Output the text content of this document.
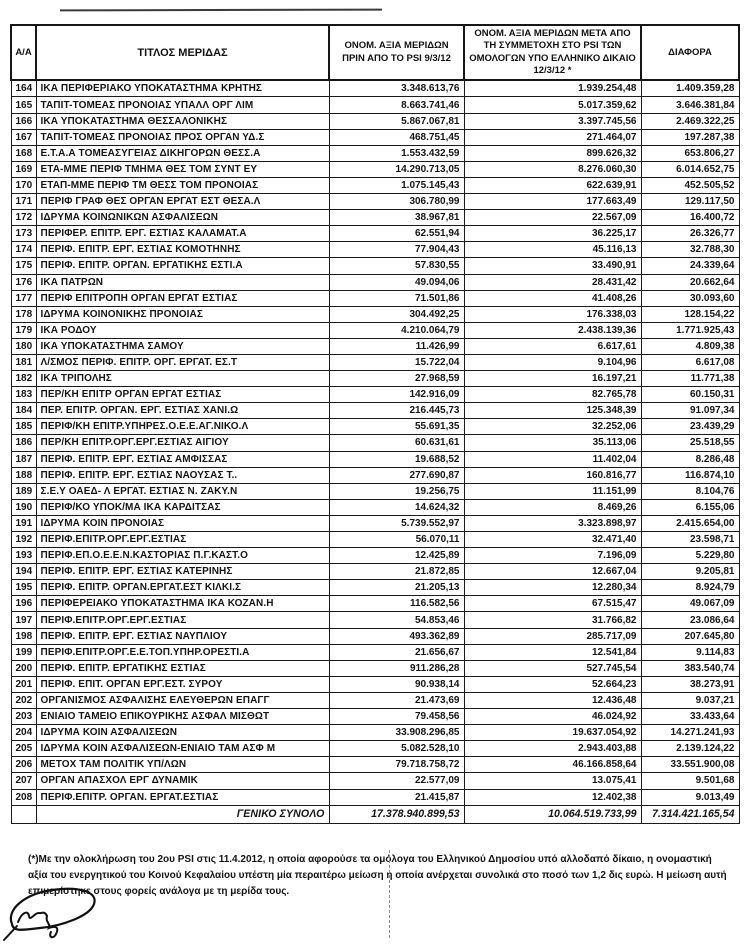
Α/Α	ΤΙΤΛΟΣ ΜΕΡΙΔΑΣ	ΟΝΟΜ. ΑΞΙΑ ΜΕΡΙΔΩΝ ΠΡΙΝ ΑΠΟ ΤΟ PSI 9/3/12	ΟΝΟΜ. ΑΞΙΑ ΜΕΡΙΔΩΝ ΜΕΤΑ ΑΠΟ ΤΗ ΣΥΜΜΕΤΟΧΗ ΣΤΟ PSI ΤΩΝ ΟΜΟΛΟΓΩΝ ΥΠΟ ΕΛΛΗΝΙΚΟ ΔΙΚΑΙΟ 12/3/12 *	ΔΙΑΦΟΡΑ
164	ΙΚΑ ΠΕΡΙΦΕΡΙΑΚΟ ΥΠΟΚΑΤΑΣΤΗΜΑ ΚΡΗΤΗΣ	3.348.613,76	1.939.254,48	1.409.359,28
165	ΤΑΠΙΤ-ΤΟΜΕΑΣ ΠΡΟΝΟΙΑΣ ΥΠΑΛΛ ΟΡΓ ΛΙΜ	8.663.741,46	5.017.359,62	3.646.381,84
166	ΙΚΑ ΥΠΟΚΑΤΑΣΤΗΜΑ ΘΕΣΣΑΛΟΝΙΚΗΣ	5.867.067,81	3.397.745,56	2.469.322,25
167	ΤΑΠΙΤ-ΤΟΜΕΑΣ ΠΡΟΝΟΙΑΣ ΠΡΟΣ ΟΡΓΑΝ ΥΔ.Σ	468.751,45	271.464,07	197.287,38
168	Ε.Τ.Α.Α ΤΟΜΕΑΣΥΓΕΙΑΣ ΔΙΚΗΓΟΡΩΝ ΘΕΣΣ.Α	1.553.432,59	899.626,32	653.806,27
169	ΕΤΑ-ΜΜΕ ΠΕΡΙΦ ΤΜΗΜΑ ΘΕΣ ΤΟΜ ΣΥΝΤ ΕΥ	14.290.713,05	8.276.060,30	6.014.652,75
170	ΕΤΑΠ-ΜΜΕ ΠΕΡΙΦ ΤΜ ΘΕΣΣ ΤΟΜ ΠΡΟΝΟΙΑΣ	1.075.145,43	622.639,91	452.505,52
171	ΠΕΡΙΦ ΓΡΑΦ ΘΕΣ ΟΡΓΑΝ ΕΡΓΑΤ ΕΣΤ ΘΕΣΑ.Λ	306.780,99	177.663,49	129.117,50
172	ΙΔΡΥΜΑ ΚΟΙΝΩΝΙΚΩΝ ΑΣΦΑΛΙΣΕΩΝ	38.967,81	22.567,09	16.400,72
173	ΠΕΡΙΦΕΡ. ΕΠΙΤΡ. ΕΡΓ. ΕΣΤΙΑΣ ΚΑΛΑΜΑΤ.Α	62.551,94	36.225,17	26.326,77
174	ΠΕΡΙΦ. ΕΠΙΤΡ. ΕΡΓ. ΕΣΤΙΑΣ ΚΟΜΟΤΗΝΗΣ	77.904,43	45.116,13	32.788,30
175	ΠΕΡΙΦ. ΕΠΙΤΡ. ΟΡΓΑΝ. ΕΡΓΑΤΙΚΗΣ ΕΣΤΙ.Α	57.830,55	33.490,91	24.339,64
176	ΙΚΑ ΠΑΤΡΩΝ	49.094,06	28.431,42	20.662,64
177	ΠΕΡΙΦ ΕΠΙΤΡΟΠΗ ΟΡΓΑΝ ΕΡΓΑΤ ΕΣΤΙΑΣ	71.501,86	41.408,26	30.093,60
178	ΙΔΡΥΜΑ ΚΟΙΝΟΝΙΚΗΣ ΠΡΟΝΟΙΑΣ	304.492,25	176.338,03	128.154,22
179	ΙΚΑ ΡΟΔΟΥ	4.210.064,79	2.438.139,36	1.771.925,43
180	ΙΚΑ ΥΠΟΚΑΤΑΣΤΗΜΑ ΣΑΜΟΥ	11.426,99	6.617,61	4.809,38
181	Λ/ΣΜΟΣ ΠΕΡΙΦ. ΕΠΙΤΡ. ΟΡΓ. ΕΡΓΑΤ. ΕΣ.Τ	15.722,04	9.104,96	6.617,08
182	ΙΚΑ ΤΡΙΠΟΛΗΣ	27.968,59	16.197,21	11.771,38
183	ΠΕΡ/ΚΗ ΕΠΙΤΡ ΟΡΓΑΝ ΕΡΓΑΤ ΕΣΤΙΑΣ	142.916,09	82.765,78	60.150,31
184	ΠΕΡ. ΕΠΙΤΡ. ΟΡΓΑΝ. ΕΡΓ. ΕΣΤΙΑΣ ΧΑΝΙ.Ω	216.445,73	125.348,39	91.097,34
185	ΠΕΡΙΦ/ΚΗ ΕΠΙΤΡ.ΥΠΗΡΕΣ.Ο.Ε.Ε.ΑΓ.ΝΙΚΟ.Λ	55.691,35	32.252,06	23.439,29
186	ΠΕΡ/ΚΗ ΕΠΙΤΡ.ΟΡΓ.ΕΡΓ.ΕΣΤΙΑΣ ΑΙΓΙΟΥ	60.631,61	35.113,06	25.518,55
187	ΠΕΡΙΦ. ΕΠΙΤΡ. ΕΡΓ. ΕΣΤΙΑΣ ΑΜΦΙΣΣΑΣ	19.688,52	11.402,04	8.286,48
188	ΠΕΡΙΦ. ΕΠΙΤΡ. ΕΡΓ. ΕΣΤΙΑΣ ΝΑΟΥΣΑΣ Τ..	277.690,87	160.816,77	116.874,10
189	Σ.Ε.Υ ΟΑΕΔ- Λ ΕΡΓΑΤ. ΕΣΤΙΑΣ Ν. ΖΑΚΥ.Ν	19.256,75	11.151,99	8.104,76
190	ΠΕΡΙΦ/ΚΟ ΥΠΟΚ/ΜΑ ΙΚΑ ΚΑΡΔΙΤΣΑΣ	14.624,32	8.469,26	6.155,06
191	ΙΔΡΥΜΑ ΚΟΙΝ ΠΡΟΝΟΙΑΣ	5.739.552,97	3.323.898,97	2.415.654,00
192	ΠΕΡΙΦ.ΕΠΙΤΡ.ΟΡΓ.ΕΡΓ.ΕΣΤΙΑΣ	56.070,11	32.471,40	23.598,71
193	ΠΕΡΙΦ.ΕΠ.Ο.Ε.Ε.Ν.ΚΑΣΤΟΡΙΑΣ Π.Γ.ΚΑΣΤ.Ο	12.425,89	7.196,09	5.229,80
194	ΠΕΡΙΦ. ΕΠΙΤΡ. ΕΡΓ. ΕΣΤΙΑΣ ΚΑΤΕΡΙΝΗΣ	21.872,85	12.667,04	9.205,81
195	ΠΕΡΙΦ. ΕΠΙΤΡ. ΟΡΓΑΝ.ΕΡΓΑΤ.ΕΣΤ ΚΙΛΚΙ.Σ	21.205,13	12.280,34	8.924,79
196	ΠΕΡΙΦΕΡΕΙΑΚΟ ΥΠΟΚΑΤΑΣΤΗΜΑ ΙΚΑ ΚΟΖΑΝ.Η	116.582,56	67.515,47	49.067,09
197	ΠΕΡΙΦ.ΕΠΙΤΡ.ΟΡΓ.ΕΡΓ.ΕΣΤΙΑΣ	54.853,46	31.766,82	23.086,64
198	ΠΕΡΙΦ. ΕΠΙΤΡ. ΕΡΓ. ΕΣΤΙΑΣ ΝΑΥΠΛΙΟΥ	493.362,89	285.717,09	207.645,80
199	ΠΕΡΙΦ.ΕΠΙΤΡ.ΟΡΓ.Ε.Ε.ΤΟΠ.ΥΠΗΡ.ΟΡΕΣΤΙ.Α	21.656,67	12.541,84	9.114,83
200	ΠΕΡΙΦ. ΕΠΙΤΡ. ΕΡΓΑΤΙΚΗΣ ΕΣΤΙΑΣ	911.286,28	527.745,54	383.540,74
201	ΠΕΡΙΦ. ΕΠΙΤ. ΟΡΓΑΝ ΕΡΓ.ΕΣΤ. ΣΥΡΟΥ	90.938,14	52.664,23	38.273,91
202	ΟΡΓΑΝΙΣΜΟΣ ΑΣΦΑΛΙΣΗΣ ΕΛΕΥΘΕΡΩΝ ΕΠΑΓΓ	21.473,69	12.436,48	9.037,21
203	ΕΝΙΑΙΟ ΤΑΜΕΙΟ ΕΠΙΚΟΥΡΙΚΗΣ ΑΣΦΑΛ ΜΙΣΘΩΤ	79.458,56	46.024,92	33.433,64
204	ΙΔΡΥΜΑ ΚΟΙΝ ΑΣΦΑΛΙΣΕΩΝ	33.908.296,85	19.637.054,92	14.271.241,93
205	ΙΔΡΥΜΑ ΚΟΙΝ ΑΣΦΑΛΙΣΕΩΝ-ΕΝΙΑΙΟ ΤΑΜ ΑΣΦ Μ	5.082.528,10	2.943.403,88	2.139.124,22
206	ΜΕΤΟΧ ΤΑΜ ΠΟΛΙΤΙΚ ΥΠ/ΛΩΝ	79.718.758,72	46.166.858,64	33.551.900,08
207	ΟΡΓΑΝ ΑΠΑΣΧΟΛ ΕΡΓ ΔΥΝΑΜΙΚ	22.577,09	13.075,41	9.501,68
208	ΠΕΡΙΦ.ΕΠΙΤΡ. ΟΡΓΑΝ. ΕΡΓΑΤ.ΕΣΤΙΑΣ	21.415,87	12.402,38	9.013,49
	ΓΕΝΙΚΟ ΣΥΝΟΛΟ	17.378.940.899,53	10.064.519.733,99	7.314.421.165,54

(*)Με την ολοκλήρωση του 2ου PSI στις 11.4.2012, η οποία αφορούσε τα ομόλογα του Ελληνικού Δημοσίου υπό αλλοδαπό δίκαιο, η ονομαστική αξία του ενεργητικού του Κοινού Κεφαλαίου υπέστη μία περαιτέρω μείωση η οποία ανέρχεται συνολικά στο ποσό των 1,2 δις ευρώ. Η μείωση αυτή επιμερίστηκε στους φορείς ανάλογα με τη μερίδα τους.
